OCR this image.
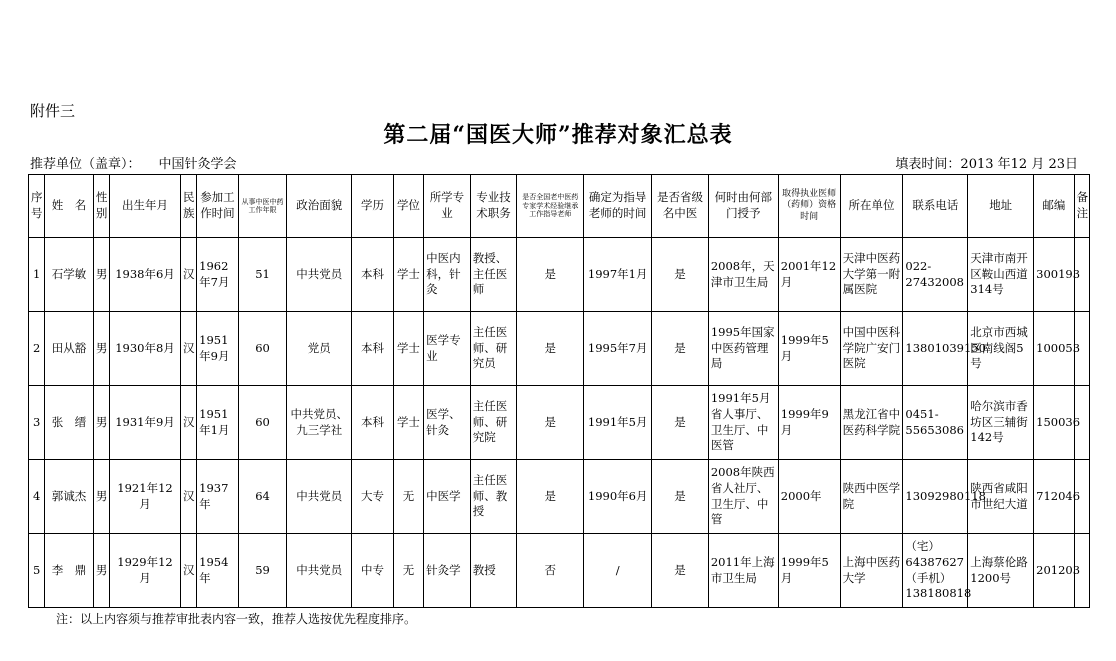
附件三
第二届“国医大师”推荐对象汇总表
推荐单位（盖章）： 中国针灸学会	填表时间：2013 年12 月 23日
序号	姓　名	性别	出生年月	民族	参加工作时间	从事中医中药工作年限	政治面貌	学历	学位	所学专业	专业技术职务	是否全国老中医药专家学术经验继承工作指导老师	确定为指导老师的时间	是否省级名中医	何时由何部门授予	取得执业医师（药师）资格时间	所在单位	联系电话	地址	邮编	备注
1	石学敏	男	1938年6月	汉	1962年7月	51	中共党员	本科	学士	中医内科，针灸	教授、主任医师	是	1997年1月	是	2008年，天津市卫生局	2001年12月	天津中医药大学第一附属医院	022-27432008	天津市南开区鞍山西道314号	300193	
2	田从豁	男	1930年8月	汉	1951年9月	60	党员	本科	学士	医学专业	主任医师、研究员	是	1995年7月	是	1995年国家中医药管理局	1999年5月	中国中医科学院广安门医院	13801039150	北京市西城区南线阁5号	100053	
3	张　缙	男	1931年9月	汉	1951年1月	60	中共党员、九三学社	本科	学士	医学、针灸	主任医师、研究院	是	1991年5月	是	1991年5月省人事厅、卫生厅、中医管	1999年9月	黑龙江省中医药科学院	0451-55653086	哈尔滨市香坊区三辅街142号	150036	
4	郭诚杰	男	1921年12月	汉	1937年	64	中共党员	大专	无	中医学	主任医师、教授	是	1990年6月	是	2008年陕西省人社厅、卫生厅、中管	2000年	陕西中医学院	13092980118	陕西省咸阳市世纪大道	712046	
5	李　鼎	男	1929年12月	汉	1954年	59	中共党员	中专	无	针灸学	教授	否	/	是	2011年上海市卫生局	1999年5月	上海中医药大学	（宅）64387627（手机）138180818	上海蔡伦路1200号	201203	
注：以上内容须与推荐审批表内容一致，推荐人选按优先程度排序。
